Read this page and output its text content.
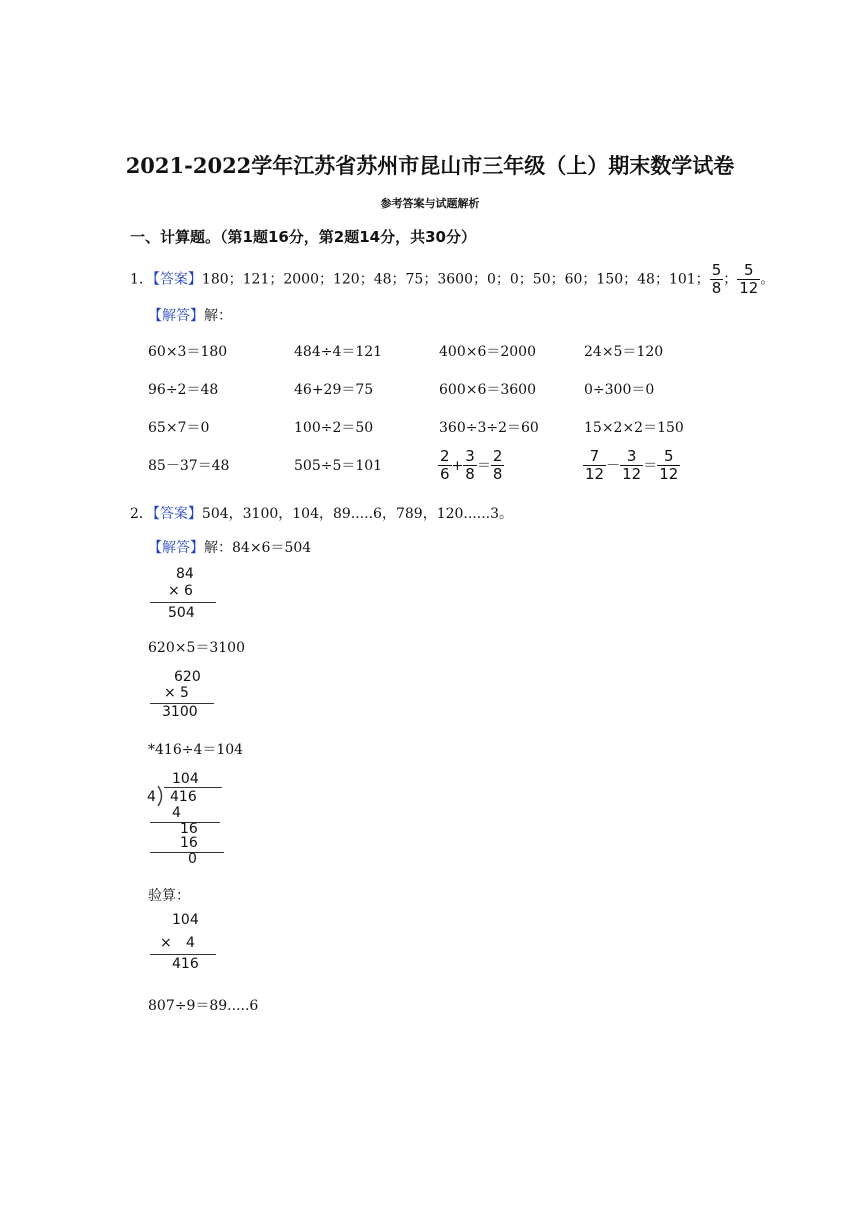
2021-2022学年江苏省苏州市昆山市三年级（上）期末数学试卷
参考答案与试题解析
一、计算题。（第1题16分，第2题14分，共30分）
1．【答案】180；121；2000；120；48；75；3600；0；0；50；60；150；48；101； $\frac{5}{8}$ ； $\frac{5}{12}$ 。
【解答】解：
60×3＝180	484÷4＝121	400×6＝2000	24×5＝120
96÷2＝48	46+29＝75	600×6＝3600	0÷300＝0
65×7＝0	100÷2＝50	360÷3÷2＝60	15×2×2＝150
85－37＝48	505÷5＝101	$\frac{2}{6} + \frac{3}{8} = \frac{2}{8}$	$\frac{7}{12} - \frac{3}{12} = \frac{5}{12}$
2．【答案】504，3100，104，89.....6，789，120......3。
【解答】解：84×6＝504
84
× 6
504
620×5＝3100
620
× 5
3100
*416÷4＝104
104
4 416
4
16
16
0
验算：
104
× 4
416
807÷9＝89.....6
